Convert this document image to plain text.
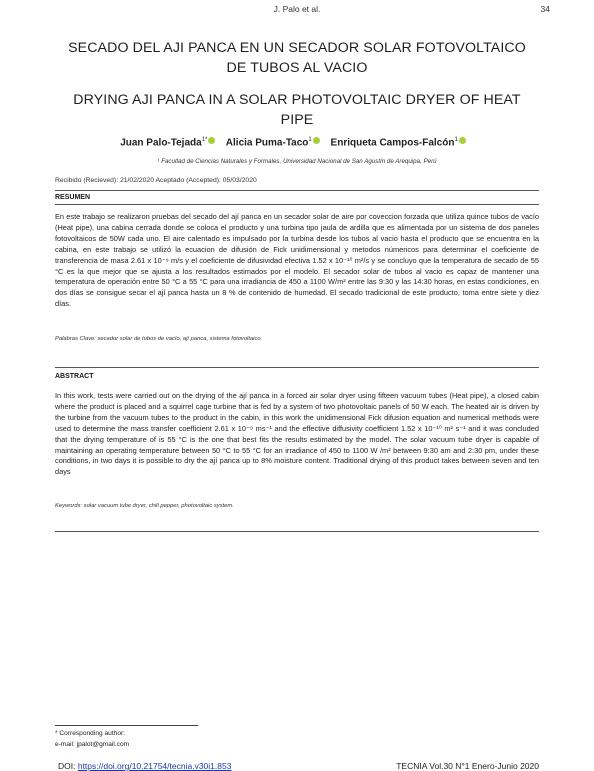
J. Palo et al.	34
SECADO DEL AJI PANCA EN UN SECADOR SOLAR FOTOVOLTAICO
DE TUBOS AL VACIO
DRYING AJI PANCA IN A SOLAR PHOTOVOLTAIC DRYER OF HEAT
PIPE
Juan Palo-Tejada$^{1*}$ Alicia Puma-Taco$^1$ Enriqueta Campos-Falcón$^1$
¹ Facultad de Ciencias Naturales y Formales, Universidad Nacional de San Agustín de Arequipa, Perú
Recibido (Recieved): 21/02/2020 Aceptado (Accepted): 05/03/2020
RESUMEN
En este trabajo se realizaron pruebas del secado del ají panca en un secador solar de aire por coveccion forzada que utiliza quince tubos de vacío (Heat pipe), una cabina cerrada donde se coloca el producto y una turbina tipo jaula de ardilla que es alimentada por un sistema de dos paneles fotovoltaicos de 50W cada uno. El aire calentado es impulsado por la turbina desde los tubos al vacio hasta el producto que se encuentra en la cabina, en este trabajo se utilizó la ecuacion de difusión de Fick unidimensional y metodos númericos para determinar el coeficiente de transferencia de masa 2.61 x 10⁻⁹ m/s y el coeficiente de difusividad efectiva 1.52 x 10⁻¹⁰ m²/s y se concluyo que la temperatura de secado de 55 °C es la que mejor que se ajusta a los resultados estimados por el modelo. El secador solar de tubos al vacio es capaz de mantener una temperatura de operación entre 50 °C a 55 °C para una irradiancia de 450 a 1100 W/m² entre las 9:30 y las 14:30 horas, en estas condiciones, en dos días se consigue secar el ají panca hasta un 8 % de contenido de humedad. El secado tradicional de este producto, toma entre siete y diez días.
Palabras Clave: secador solar de tubos de vacío, ají panca, sistema fotovoltaico.
ABSTRACT
In this work, tests were carried out on the drying of the ají panca in a forced air solar dryer using fifteen vacuum tubes (Heat pipe), a closed cabin where the product is placed and a squirrel cage turbine that is fed by a system of two photovoltaic panels of 50 W each. The heated air is driven by the turbine from the vacuum tubes to the product in the cabin, in this work the unidimensional Fick difusion equation and numerical methods were used to determine the mass transfer coefficient 2.61 x 10⁻⁹ ms⁻¹ and the effective diffusivity coefficient 1.52 x 10⁻¹⁰ m² s⁻¹ and it was concluded that the drying temperature of is 55 °C is the one that best fits the results estimated by the model. The solar vacuum tube dryer is capable of maintaining an operating temperature between 50 °C to 55 °C for an irradiance of 450 to 1100 W /m² between 9:30 am and 2:30 pm, under these conditions, in two days it is possible to dry the ají panca up to 8% moisture content. Traditional drying of this product takes between seven and ten days
Keywords: solar vacuum tube dryer, chili pepper, photovoltaic system.
* Corresponding author:
e-mail: jpalot@gmail.com
DOI: https://doi.org/10.21754/tecnia.v30i1.853	TECNIA Vol.30 N°1 Enero-Junio 2020
